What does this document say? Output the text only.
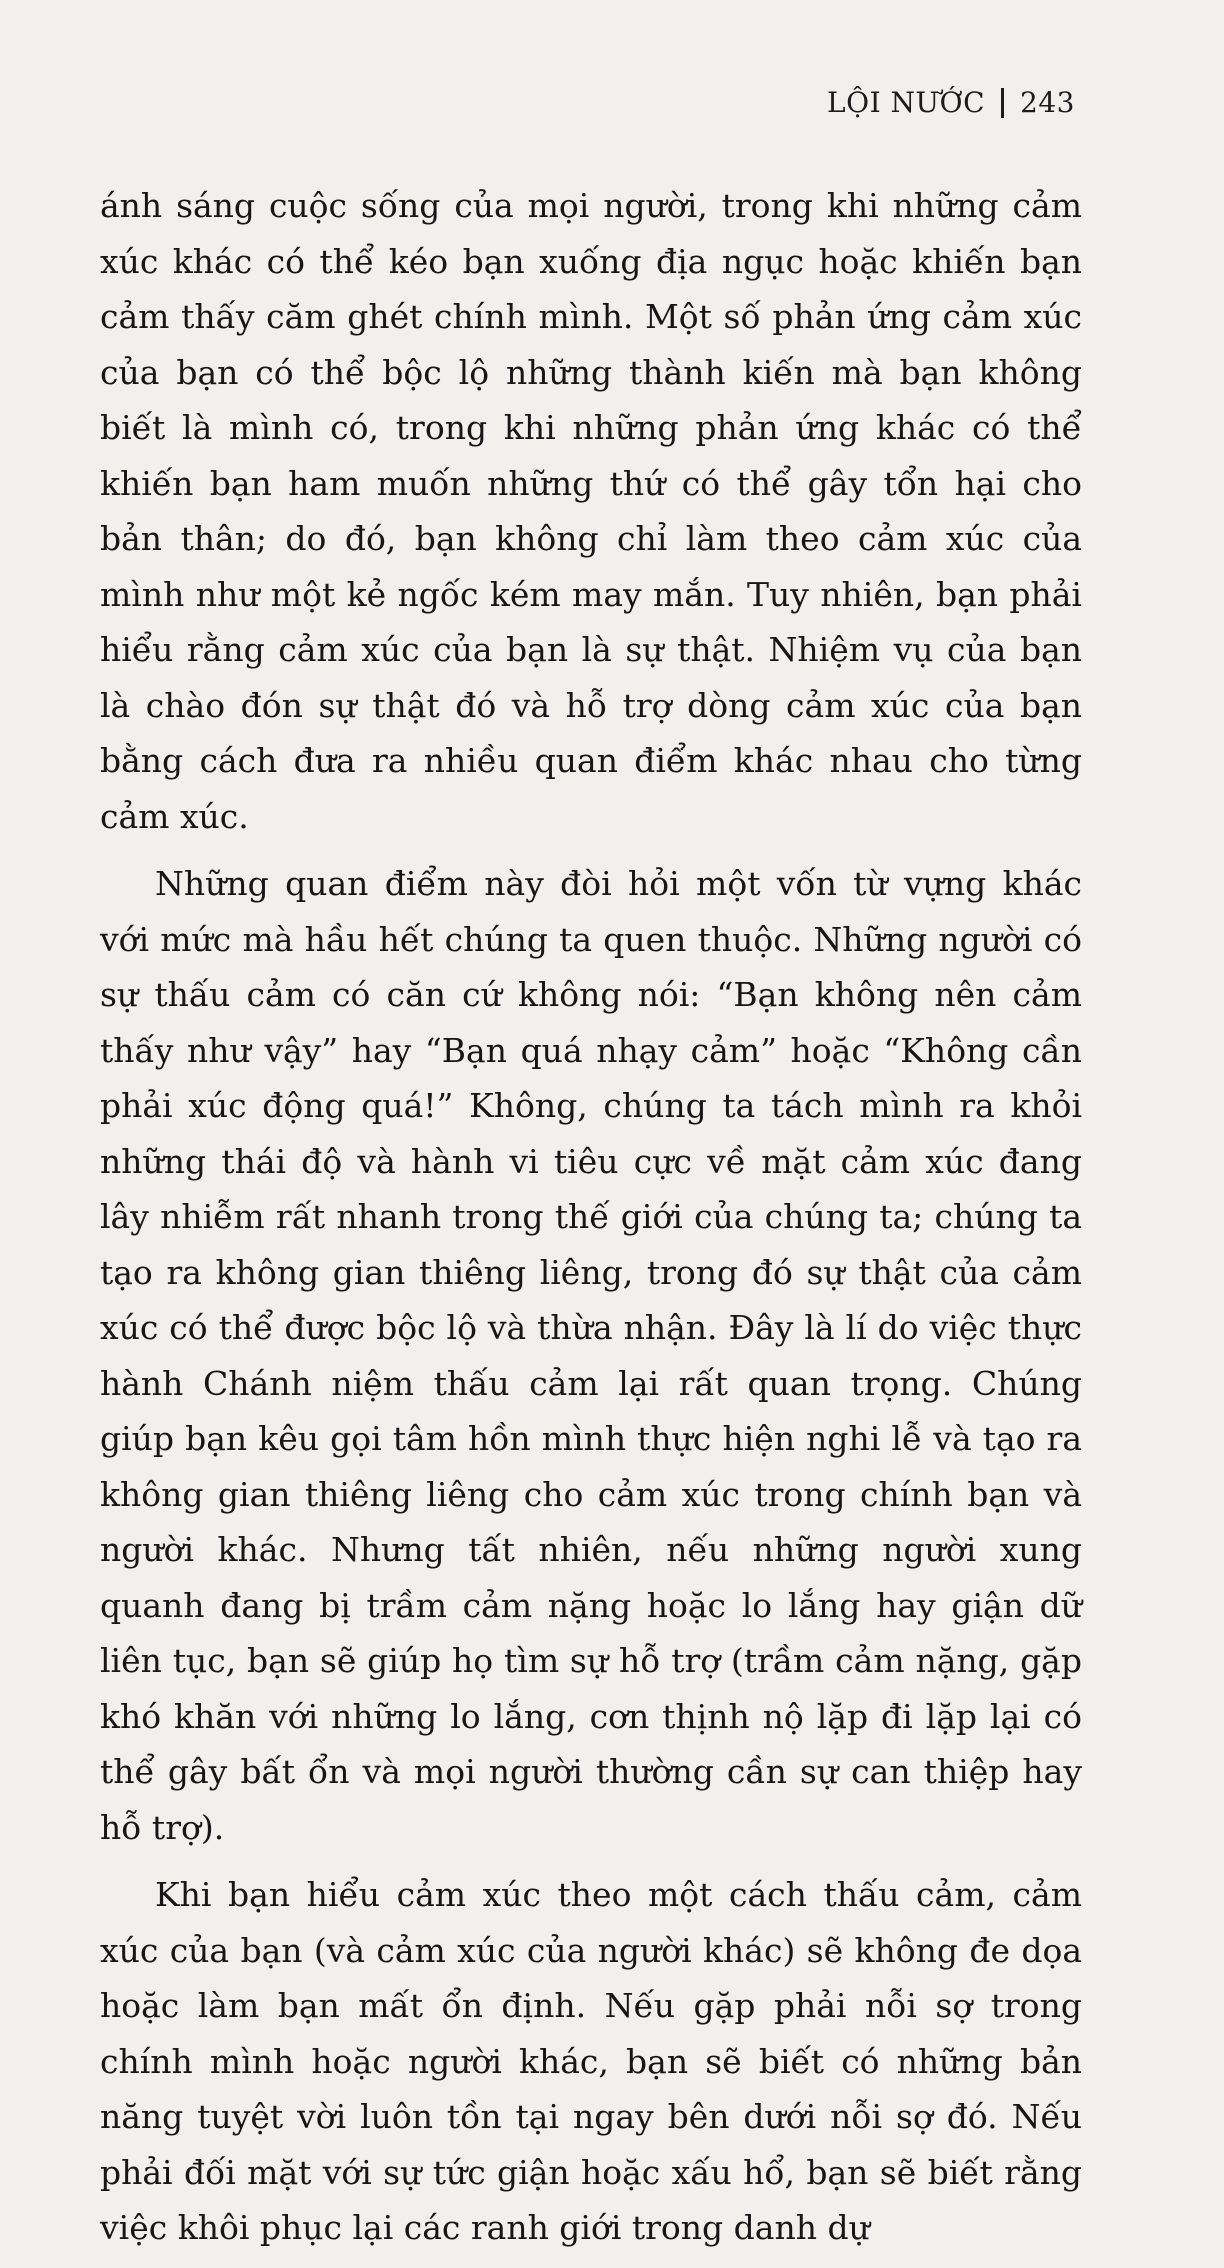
LỘI NƯỚC 243

ánh sáng cuộc sống của mọi người, trong khi những cảm xúc khác có thể kéo bạn xuống địa ngục hoặc khiến bạn cảm thấy căm ghét chính mình. Một số phản ứng cảm xúc của bạn có thể bộc lộ những thành kiến mà bạn không biết là mình có, trong khi những phản ứng khác có thể khiến bạn ham muốn những thứ có thể gây tổn hại cho bản thân; do đó, bạn không chỉ làm theo cảm xúc của mình như một kẻ ngốc kém may mắn. Tuy nhiên, bạn phải hiểu rằng cảm xúc của bạn là sự thật. Nhiệm vụ của bạn là chào đón sự thật đó và hỗ trợ dòng cảm xúc của bạn bằng cách đưa ra nhiều quan điểm khác nhau cho từng cảm xúc.

Những quan điểm này đòi hỏi một vốn từ vựng khác với mức mà hầu hết chúng ta quen thuộc. Những người có sự thấu cảm có căn cứ không nói: “Bạn không nên cảm thấy như vậy” hay “Bạn quá nhạy cảm” hoặc “Không cần phải xúc động quá!” Không, chúng ta tách mình ra khỏi những thái độ và hành vi tiêu cực về mặt cảm xúc đang lây nhiễm rất nhanh trong thế giới của chúng ta; chúng ta tạo ra không gian thiêng liêng, trong đó sự thật của cảm xúc có thể được bộc lộ và thừa nhận. Đây là lí do việc thực hành Chánh niệm thấu cảm lại rất quan trọng. Chúng giúp bạn kêu gọi tâm hồn mình thực hiện nghi lễ và tạo ra không gian thiêng liêng cho cảm xúc trong chính bạn và người khác. Nhưng tất nhiên, nếu những người xung quanh đang bị trầm cảm nặng hoặc lo lắng hay giận dữ liên tục, bạn sẽ giúp họ tìm sự hỗ trợ (trầm cảm nặng, gặp khó khăn với những lo lắng, cơn thịnh nộ lặp đi lặp lại có thể gây bất ổn và mọi người thường cần sự can thiệp hay hỗ trợ).

Khi bạn hiểu cảm xúc theo một cách thấu cảm, cảm xúc của bạn (và cảm xúc của người khác) sẽ không đe dọa hoặc làm bạn mất ổn định. Nếu gặp phải nỗi sợ trong chính mình hoặc người khác, bạn sẽ biết có những bản năng tuyệt vời luôn tồn tại ngay bên dưới nỗi sợ đó. Nếu phải đối mặt với sự tức giận hoặc xấu hổ, bạn sẽ biết rằng việc khôi phục lại các ranh giới trong danh dự
